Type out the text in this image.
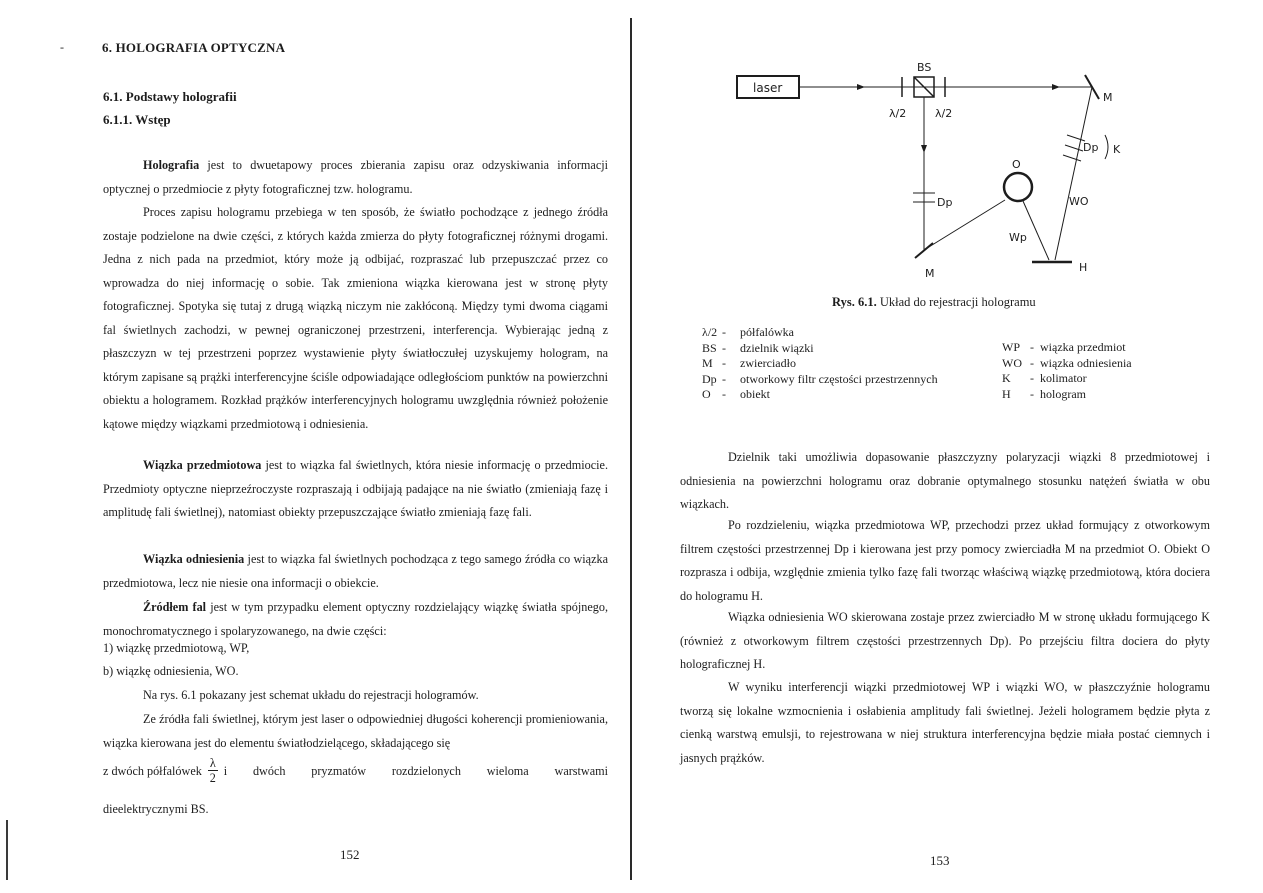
-	6. HOLOGRAFIA OPTYCZNA
6.1. Podstawy holografii
6.1.1. Wstęp

Holografia jest to dwuetapowy proces zbierania zapisu oraz odzyskiwania informacji optycznej o przedmiocie z płyty fotograficznej tzw. hologramu.

Proces zapisu hologramu przebiega w ten sposób, że światło pochodzące z jednego źródła zostaje podzielone na dwie części, z których każda zmierza do płyty fotograficznej różnymi drogami. Jedna z nich pada na przedmiot, który może ją odbijać, rozpraszać lub przepuszczać przez co wprowadza do niej informację o sobie. Tak zmieniona wiązka kierowana jest w stronę płyty fotograficznej. Spotyka się tutaj z drugą wiązką niczym nie zakłóconą. Między tymi dwoma ciągami fal świetlnych zachodzi, w pewnej ograniczonej przestrzeni, interferencja. Wybierając jedną z płaszczyzn w tej przestrzeni poprzez wystawienie płyty światłoczułej uzyskujemy hologram, na którym zapisane są prążki interferencyjne ściśle odpowiadające odległościom punktów na powierzchni obiektu a hologramem. Rozkład prążków interferencyjnych hologramu uwzględnia również położenie kątowe między wiązkami przedmiotową i odniesienia.

Wiązka przedmiotowa jest to wiązka fal świetlnych, która niesie informację o przedmiocie. Przedmioty optyczne nieprzeźroczyste rozpraszają i odbijają padające na nie światło (zmieniają fazę i amplitudę fali świetlnej), natomiast obiekty przepuszczające światło zmieniają fazę fali.

Wiązka odniesienia jest to wiązka fal świetlnych pochodząca z tego samego źródła co wiązka przedmiotowa, lecz nie niesie ona informacji o obiekcie.

Źródłem fal jest w tym przypadku element optyczny rozdzielający wiązkę światła spójnego, monochromatycznego i spolaryzowanego, na dwie części:

1) wiązkę przedmiotową, WP,
b) wiązkę odniesienia, WO.

Na rys. 6.1 pokazany jest schemat układu do rejestracji hologramów.

Ze źródła fali świetlnej, którym jest laser o odpowiedniej długości koherencji promieniowania, wiązka kierowana jest do elementu światłodzielącego, składającego się

z dwóch półfalówek $\frac{\lambda}{2}$ i dwóch pryzmatów rozdzielonych wieloma warstwami
dieelektrycznymi BS.
152
laser
BS
λ/2	λ/2
Dp
M
O
Wp
M
Dp K
WO
H
Rys. 6.1. Układ do rejestracji hologramu
λ/2 - półfalówka
BS - dzielnik wiązki
M - zwierciadło
Dp - otworkowy filtr częstości przestrzennych
O - obiekt
WP - wiązka przedmiot
WO - wiązka odniesienia
K - kolimator
H - hologram

Dzielnik taki umożliwia dopasowanie płaszczyzny polaryzacji wiązki 8 przedmiotowej i odniesienia na powierzchni hologramu oraz dobranie optymalnego stosunku natężeń światła w obu wiązkach.

Po rozdzieleniu, wiązka przedmiotowa WP, przechodzi przez układ formujący z otworkowym filtrem częstości przestrzennej Dp i kierowana jest przy pomocy zwierciadła M na przedmiot O. Obiekt O rozprasza i odbija, względnie zmienia tylko fazę fali tworząc właściwą wiązkę przedmiotową, która dociera do hologramu H.

Wiązka odniesienia WO skierowana zostaje przez zwierciadło M w stronę układu formującego K (również z otworkowym filtrem częstości przestrzennych Dp). Po przejściu filtra dociera do płyty holograficznej H.

W wyniku interferencji wiązki przedmiotowej WP i wiązki WO, w płaszczyźnie hologramu tworzą się lokalne wzmocnienia i osłabienia amplitudy fali świetlnej. Jeżeli hologramem będzie płyta z cienką warstwą emulsji, to rejestrowana w niej struktura interferencyjna będzie miała postać ciemnych i jasnych prążków.

153
